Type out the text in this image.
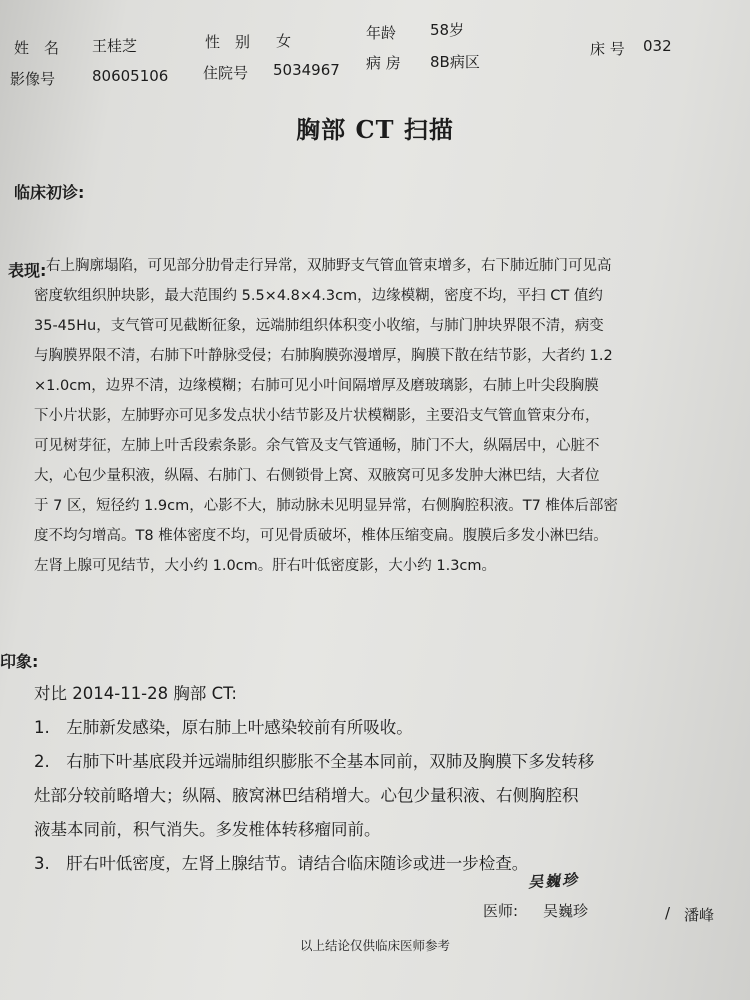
姓　名 王桂芝	性　别 女	年龄 58岁
床 号 032
影像号 80605106 住院号 5034967 病 房 8B病区
胸部 CT 扫描
临床初诊:
表现: 右上胸廓塌陷，可见部分肋骨走行异常，双肺野支气管血管束增多，右下肺近肺门可见高
密度软组织肿块影，最大范围约 5.5×4.8×4.3cm，边缘模糊，密度不均，平扫 CT 值约
35-45Hu，支气管可见截断征象，远端肺组织体积变小收缩，与肺门肿块界限不清，病变
与胸膜界限不清，右肺下叶静脉受侵；右肺胸膜弥漫增厚，胸膜下散在结节影，大者约 1.2
×1.0cm，边界不清，边缘模糊；右肺可见小叶间隔增厚及磨玻璃影，右肺上叶尖段胸膜
下小片状影，左肺野亦可见多发点状小结节影及片状模糊影，主要沿支气管血管束分布，
可见树芽征，左肺上叶舌段索条影。余气管及支气管通畅，肺门不大，纵隔居中，心脏不
大，心包少量积液，纵隔、右肺门、右侧锁骨上窝、双腋窝可见多发肿大淋巴结，大者位
于 7 区，短径约 1.9cm，心影不大，肺动脉未见明显异常，右侧胸腔积液。T7 椎体后部密
度不均匀增高。T8 椎体密度不均，可见骨质破坏，椎体压缩变扁。腹膜后多发小淋巴结。
左肾上腺可见结节，大小约 1.0cm。肝右叶低密度影，大小约 1.3cm。
印象:
对比 2014-11-28 胸部 CT:
1.　左肺新发感染，原右肺上叶感染较前有所吸收。
2.　右肺下叶基底段并远端肺组织膨胀不全基本同前，双肺及胸膜下多发转移
灶部分较前略增大；纵隔、腋窝淋巴结稍增大。心包少量积液、右侧胸腔积
液基本同前，积气消失。多发椎体转移瘤同前。
3.　肝右叶低密度，左肾上腺结节。请结合临床随诊或进一步检查。
吴巍珍
医师: 吴巍珍	/ 潘峰
以上结论仅供临床医师参考
